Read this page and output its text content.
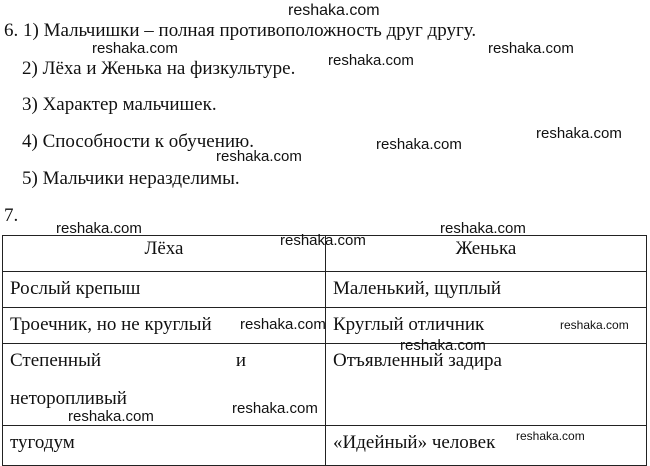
reshaka.com
6. 1) Мальчишки – полная противоположность друг другу.
2) Лёха и Женька на физкультуре.
3) Характер мальчишек.
4) Способности к обучению.
5) Мальчики неразделимы.
7.
reshaka.com	reshaka.com
reshaka.com
reshaka.com
reshaka.com
reshaka.com
reshaka.com	reshaka.com
reshaka.com
reshaka.com	reshaka.com
reshaka.com
reshaka.com
reshaka.com
reshaka.com
Лёха	Женька
Рослый крепыш	Маленький, щуплый
Троечник, но не круглый	Круглый отличник

Степенный и
неторопливый	Отъявленный задира
тугодум	«Идейный» человек
